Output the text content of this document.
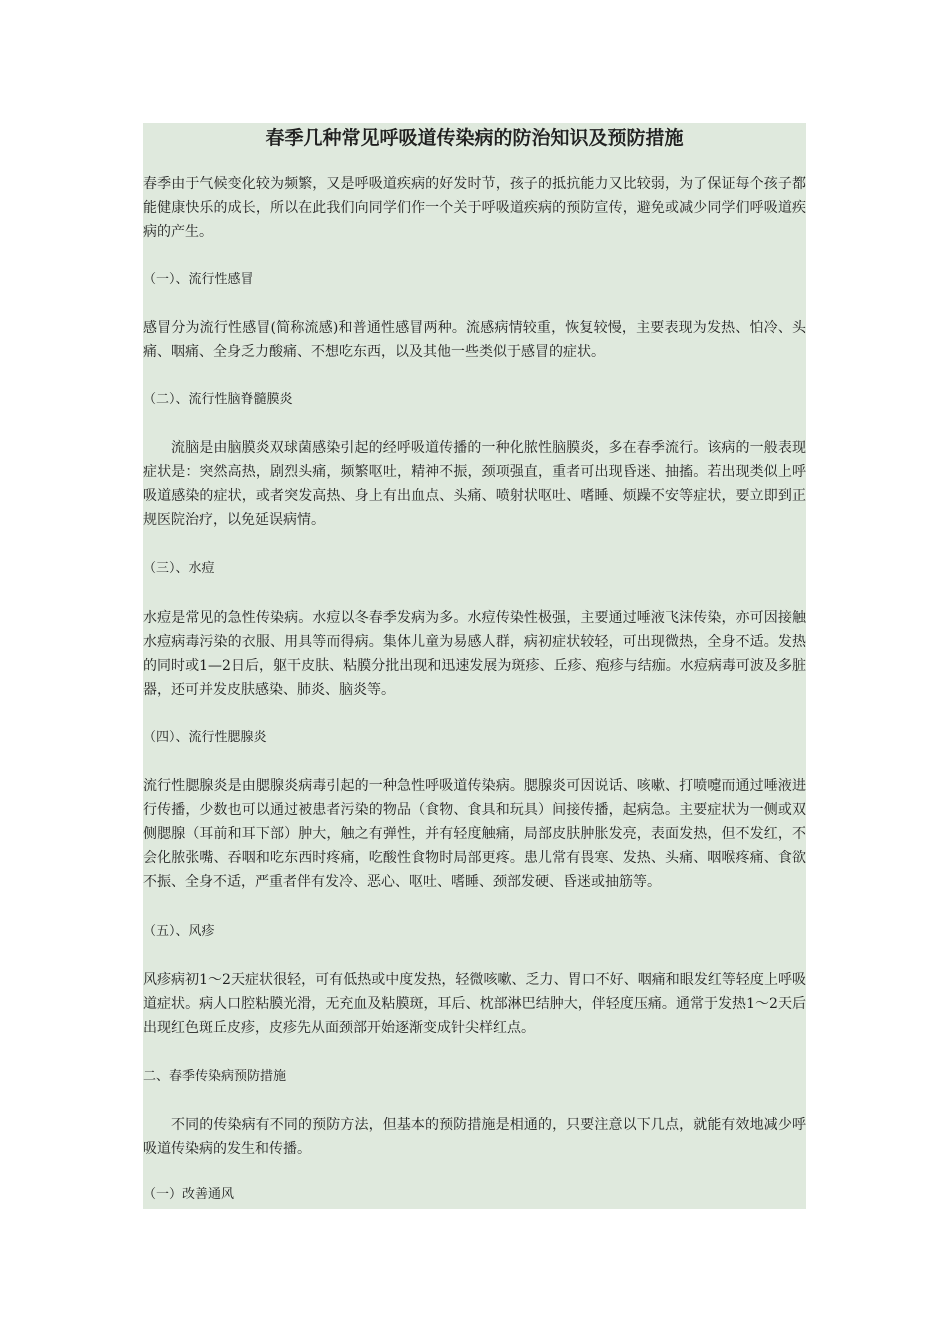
春季几种常见呼吸道传染病的防治知识及预防措施
春季由于气候变化较为频繁，又是呼吸道疾病的好发时节，孩子的抵抗能力又比较弱，为了保证每个孩子都能健康快乐的成长，所以在此我们向同学们作一个关于呼吸道疾病的预防宣传，避免或减少同学们呼吸道疾病的产生。
（一）、流行性感冒
感冒分为流行性感冒(简称流感)和普通性感冒两种。流感病情较重，恢复较慢，主要表现为发热、怕冷、头痛、咽痛、全身乏力酸痛、不想吃东西，以及其他一些类似于感冒的症状。
（二）、流行性脑脊髓膜炎
流脑是由脑膜炎双球菌感染引起的经呼吸道传播的一种化脓性脑膜炎，多在春季流行。该病的一般表现症状是：突然高热，剧烈头痛，频繁呕吐，精神不振，颈项强直，重者可出现昏迷、抽搐。若出现类似上呼吸道感染的症状，或者突发高热、身上有出血点、头痛、喷射状呕吐、嗜睡、烦躁不安等症状，要立即到正规医院治疗，以免延误病情。
（三）、水痘
水痘是常见的急性传染病。水痘以冬春季发病为多。水痘传染性极强，主要通过唾液飞沫传染，亦可因接触水痘病毒污染的衣服、用具等而得病。集体儿童为易感人群，病初症状较轻，可出现微热，全身不适。发热的同时或1—2日后，躯干皮肤、粘膜分批出现和迅速发展为斑疹、丘疹、疱疹与结痂。水痘病毒可波及多脏器，还可并发皮肤感染、肺炎、脑炎等。
（四）、流行性腮腺炎
流行性腮腺炎是由腮腺炎病毒引起的一种急性呼吸道传染病。腮腺炎可因说话、咳嗽、打喷嚏而通过唾液进行传播，少数也可以通过被患者污染的物品（食物、食具和玩具）间接传播，起病急。主要症状为一侧或双侧腮腺（耳前和耳下部）肿大，触之有弹性，并有轻度触痛，局部皮肤肿胀发亮，表面发热，但不发红，不会化脓张嘴、吞咽和吃东西时疼痛，吃酸性食物时局部更疼。患儿常有畏寒、发热、头痛、咽喉疼痛、食欲不振、全身不适，严重者伴有发冷、恶心、呕吐、嗜睡、颈部发硬、昏迷或抽筋等。
（五）、风疹
风疹病初1～2天症状很轻，可有低热或中度发热，轻微咳嗽、乏力、胃口不好、咽痛和眼发红等轻度上呼吸道症状。病人口腔粘膜光滑，无充血及粘膜斑，耳后、枕部淋巴结肿大，伴轻度压痛。通常于发热1～2天后出现红色斑丘皮疹，皮疹先从面颈部开始逐渐变成针尖样红点。
二、春季传染病预防措施
不同的传染病有不同的预防方法，但基本的预防措施是相通的，只要注意以下几点，就能有效地减少呼吸道传染病的发生和传播。
（一）改善通风
